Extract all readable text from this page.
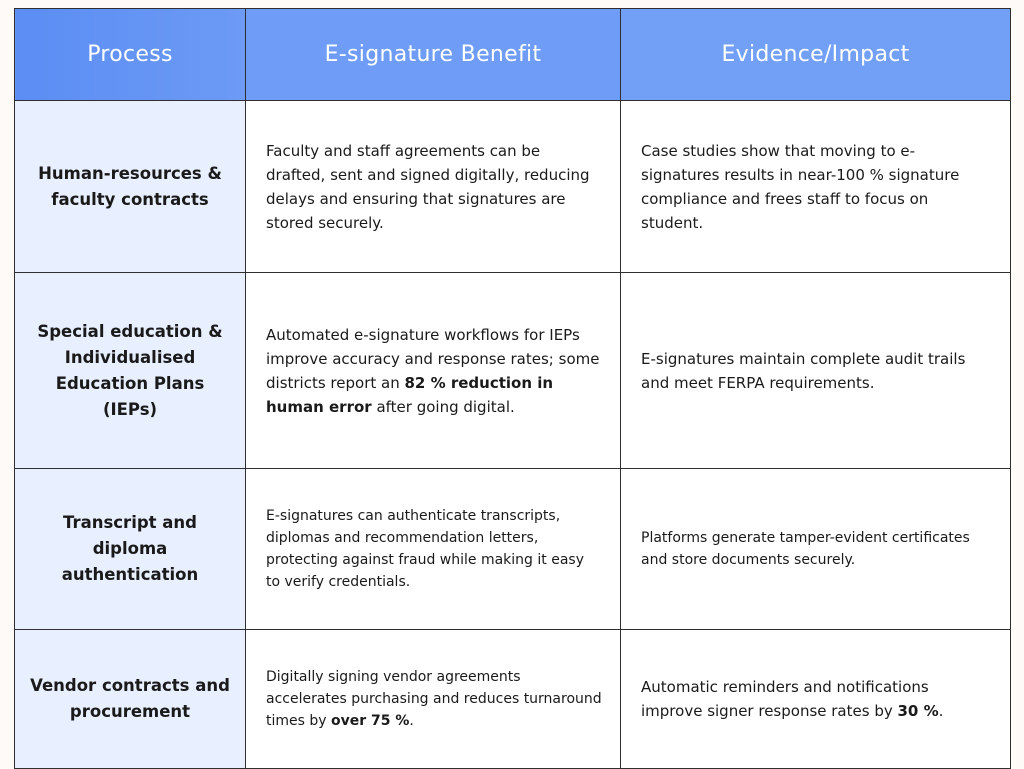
Process	E-signature Benefit	Evidence/Impact
Human-resources & faculty contracts	Faculty and staff agreements can be drafted, sent and signed digitally, reducing delays and ensuring that signatures are stored securely.	Case studies show that moving to e-signatures results in near-100 % signature compliance and frees staff to focus on student.
Special education & Individualised Education Plans (IEPs)	Automated e-signature workflows for IEPs improve accuracy and response rates; some districts report an 82 % reduction in human error after going digital.	E-signatures maintain complete audit trails and meet FERPA requirements.
Transcript and diploma authentication	E-signatures can authenticate transcripts, diplomas and recommendation letters, protecting against fraud while making it easy to verify credentials.	Platforms generate tamper-evident certificates and store documents securely.
Vendor contracts and procurement	Digitally signing vendor agreements accelerates purchasing and reduces turnaround times by over 75 %.	Automatic reminders and notifications improve signer response rates by 30 %.
